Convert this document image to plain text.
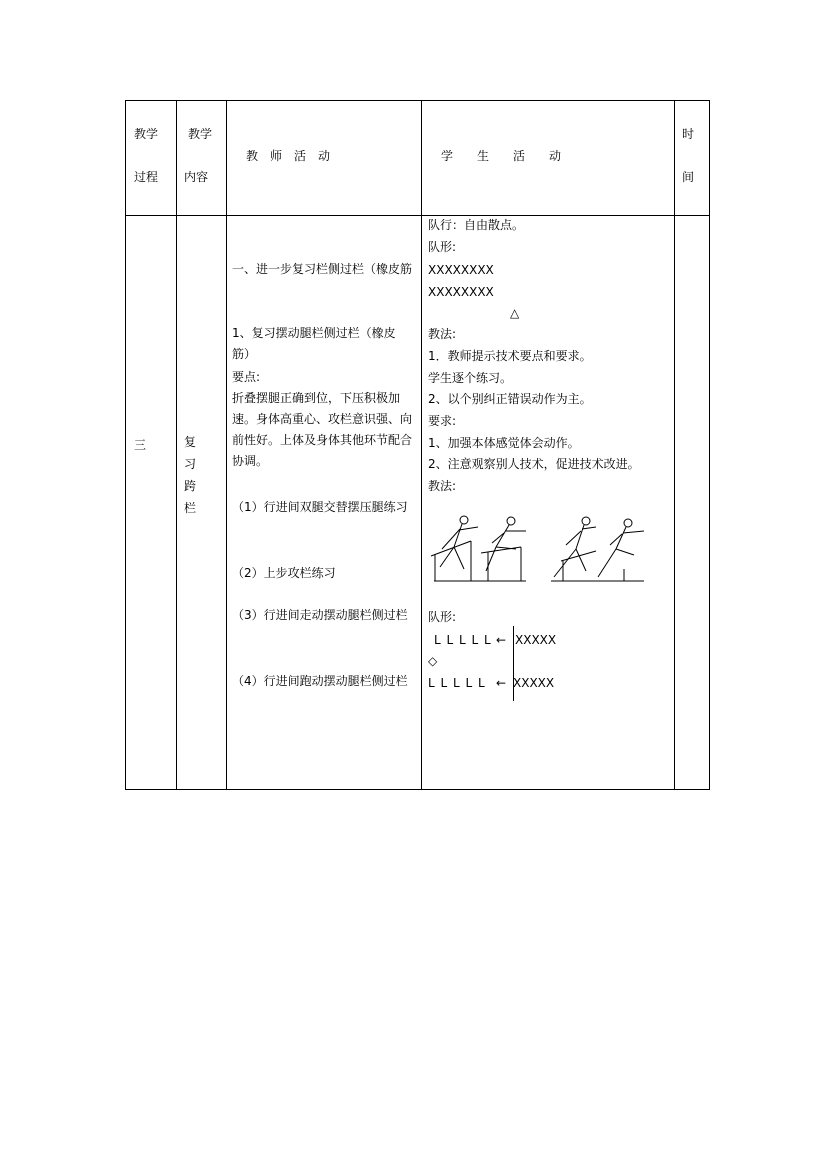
教学
过程
教学
内容
教　师　活　动	学　　生　　活　　动
时
间
三	复
习
跨
栏
一、进一步复习栏侧过栏（橡皮筋
1、复习摆动腿栏侧过栏（橡皮筋）
要点:
折叠摆腿正确到位，下压积极加速。身体高重心、攻栏意识强、向前性好。上体及身体其他环节配合协调。
（1）行进间双腿交替摆压腿练习
（2）上步攻栏练习
（3）行进间走动摆动腿栏侧过栏
（4）行进间跑动摆动腿栏侧过栏
队行：自由散点。
队形:
XXXXXXXX
XXXXXXXX
△
教法:
1．教师提示技术要点和要求。
学生逐个练习。
2、以个别纠正错误动作为主。
要求:
1、加强本体感觉体会动作。
2、注意观察别人技术，促进技术改进。
教法:
队形:
L L L L L ← XXXXX
◇
L L L L L ← XXXXX
